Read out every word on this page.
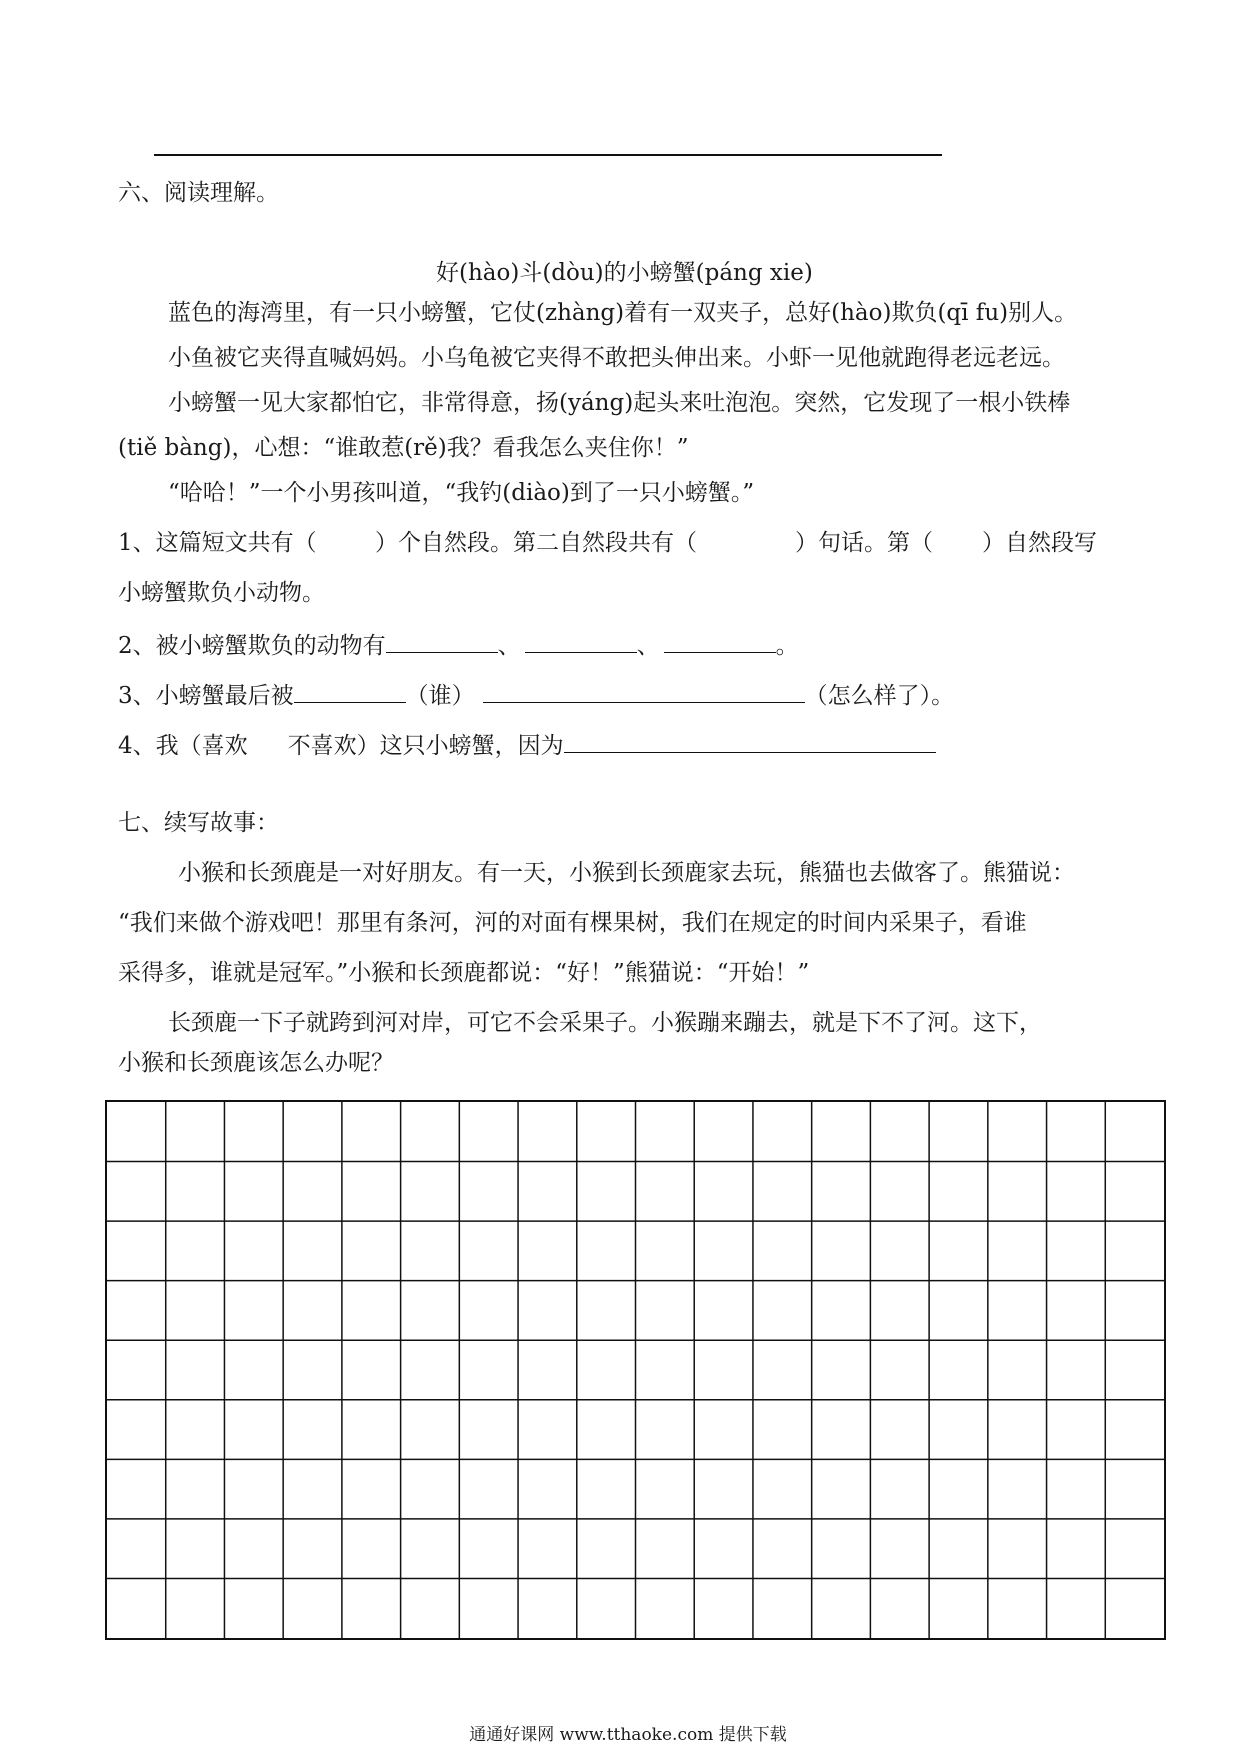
六、阅读理解。
好(hào)斗(dòu)的小螃蟹(páng xie)
蓝色的海湾里，有一只小螃蟹，它仗(zhàng)着有一双夹子，总好(hào)欺负(qī fu)别人。
小鱼被它夹得直喊妈妈。小乌龟被它夹得不敢把头伸出来。小虾一见他就跑得老远老远。
小螃蟹一见大家都怕它，非常得意，扬(yáng)起头来吐泡泡。突然，它发现了一根小铁棒
(tiě bàng)，心想：“谁敢惹(rě)我？看我怎么夹住你！”
“哈哈！”一个小男孩叫道，“我钓(diào)到了一只小螃蟹。”
1、这篇短文共有（	）个自然段。第二自然段共有（	）句话。第（ ）自然段写
小螃蟹欺负小动物。
2、被小螃蟹欺负的动物有	、	、	。
3、小螃蟹最后被	（谁）	（怎么样了）。
4、我（喜欢 不喜欢）这只小螃蟹，因为
七、续写故事：
小猴和长颈鹿是一对好朋友。有一天，小猴到长颈鹿家去玩，熊猫也去做客了。熊猫说：
“我们来做个游戏吧！那里有条河，河的对面有棵果树，我们在规定的时间内采果子，看谁
采得多，谁就是冠军。”小猴和长颈鹿都说：“好！”熊猫说：“开始！”
长颈鹿一下子就跨到河对岸，可它不会采果子。小猴蹦来蹦去，就是下不了河。这下，
小猴和长颈鹿该怎么办呢？
通通好课网 www.tthaoke.com 提供下载
